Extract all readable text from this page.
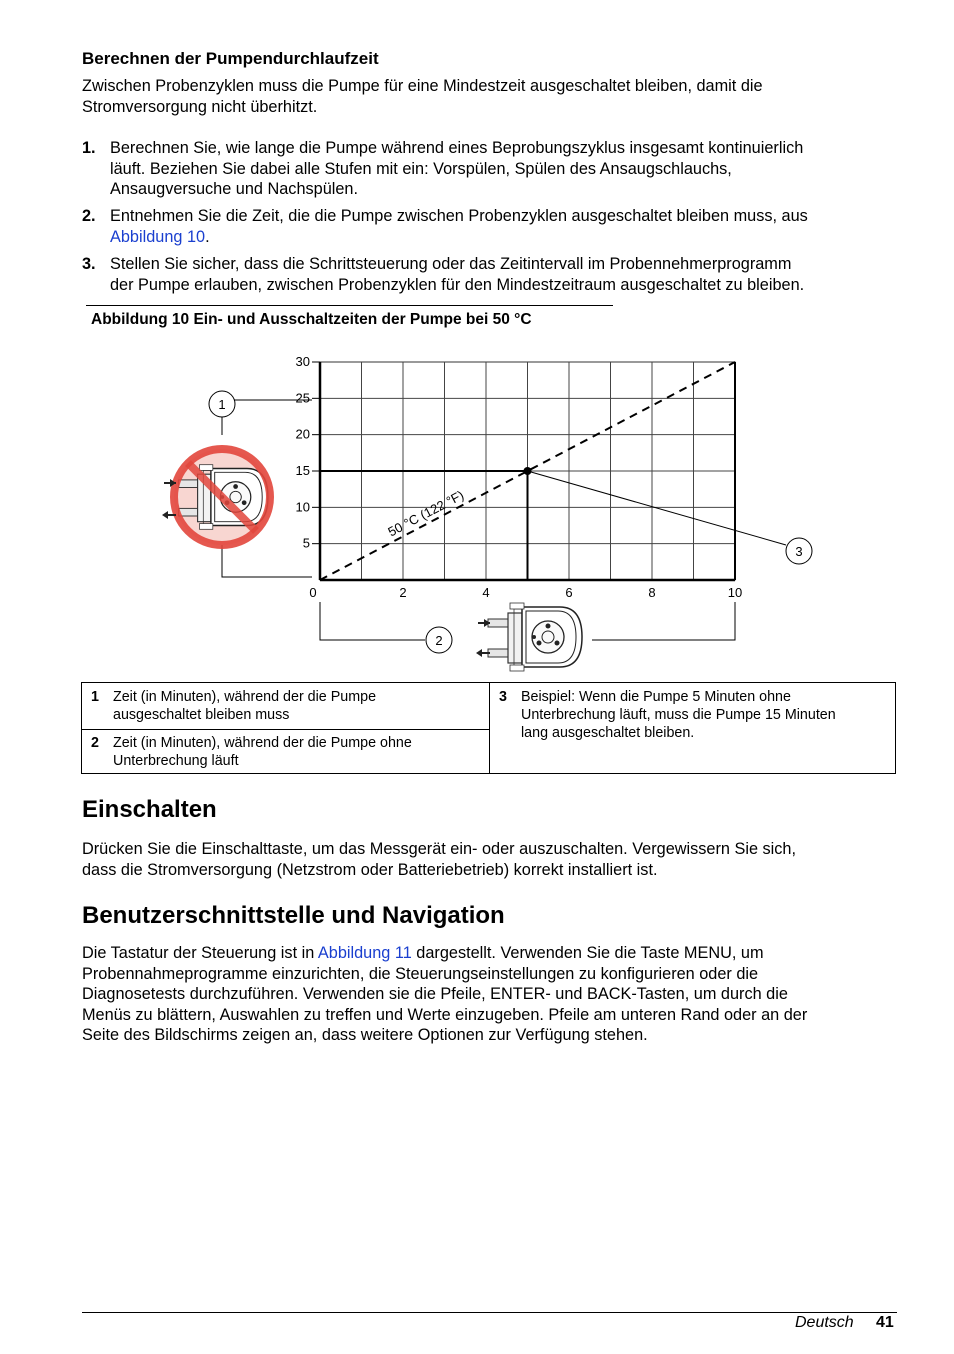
Berechnen der Pumpendurchlaufzeit
Zwischen Probenzyklen muss die Pumpe für eine Mindestzeit ausgeschaltet bleiben, damit die
Stromversorgung nicht überhitzt.
1. Berechnen Sie, wie lange die Pumpe während eines Beprobungszyklus insgesamt kontinuierlich
läuft. Beziehen Sie dabei alle Stufen mit ein: Vorspülen, Spülen des Ansaugschlauchs,
Ansaugversuche und Nachspülen.
2. Entnehmen Sie die Zeit, die die Pumpe zwischen Probenzyklen ausgeschaltet bleiben muss, aus
Abbildung 10.
3. Stellen Sie sicher, dass die Schrittsteuerung oder das Zeitintervall im Probennehmerprogramm
der Pumpe erlauben, zwischen Probenzyklen für den Mindestzeitraum ausgeschaltet zu bleiben.
Abbildung 10 Ein- und Ausschaltzeiten der Pumpe bei 50 °C
5
10
15
20
25
30
0	2	4	6	8	10
50 °C (122 °F)
1
2
3
1 Zeit (in Minuten), während der die Pumpe
ausgeschaltet bleiben muss
2 Zeit (in Minuten), während der die Pumpe ohne
Unterbrechung läuft
3 Beispiel: Wenn die Pumpe 5 Minuten ohne
Unterbrechung läuft, muss die Pumpe 15 Minuten
lang ausgeschaltet bleiben.
Einschalten
Drücken Sie die Einschalttaste, um das Messgerät ein- oder auszuschalten. Vergewissern Sie sich,
dass die Stromversorgung (Netzstrom oder Batteriebetrieb) korrekt installiert ist.
Benutzerschnittstelle und Navigation
Die Tastatur der Steuerung ist in Abbildung 11 dargestellt. Verwenden Sie die Taste MENU, um
Probennahmeprogramme einzurichten, die Steuerungseinstellungen zu konfigurieren oder die
Diagnosetests durchzuführen. Verwenden sie die Pfeile, ENTER- und BACK-Tasten, um durch die
Menüs zu blättern, Auswahlen zu treffen und Werte einzugeben. Pfeile am unteren Rand oder an der
Seite des Bildschirms zeigen an, dass weitere Optionen zur Verfügung stehen.
Deutsch 41
